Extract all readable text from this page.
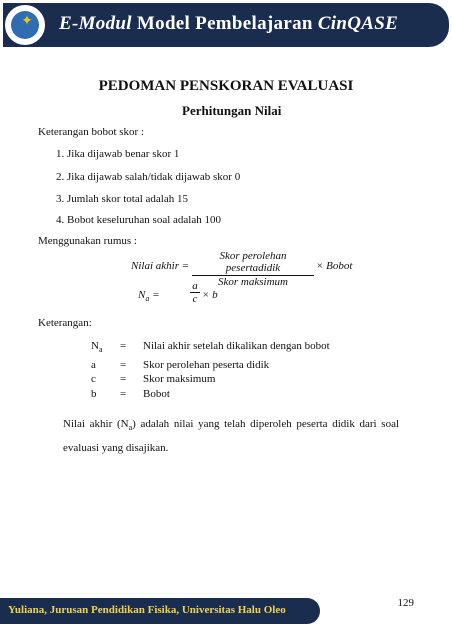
✦ E-Modul Model Pembelajaran CinQASE
PEDOMAN PENSKORAN EVALUASI
Perhitungan Nilai
Keterangan bobot skor :
1. Jika dijawab benar skor 1
2. Jika dijawab salah/tidak dijawab skor 0
3. Jumlah skor total adalah 15
4. Bobot keseluruhan soal adalah 100
Menggunakan rumus :
Nilai akhir =
Skor perolehan pesertadidik
Skor maksimum
× Bobot
$N_a$ =	$\frac{a}{c} \times b$
Keterangan:
$N_a$	=	Nilai akhir setelah dikalikan dengan bobot
a	=	Skor perolehan peserta didik
c	=	Skor maksimum
b	=	Bobot
Nilai akhir $(N_a)$ adalah nilai yang telah diperoleh peserta didik dari soal
evaluasi yang disajikan.
129
Yuliana, Jurusan Pendidikan Fisika, Universitas Halu Oleo
